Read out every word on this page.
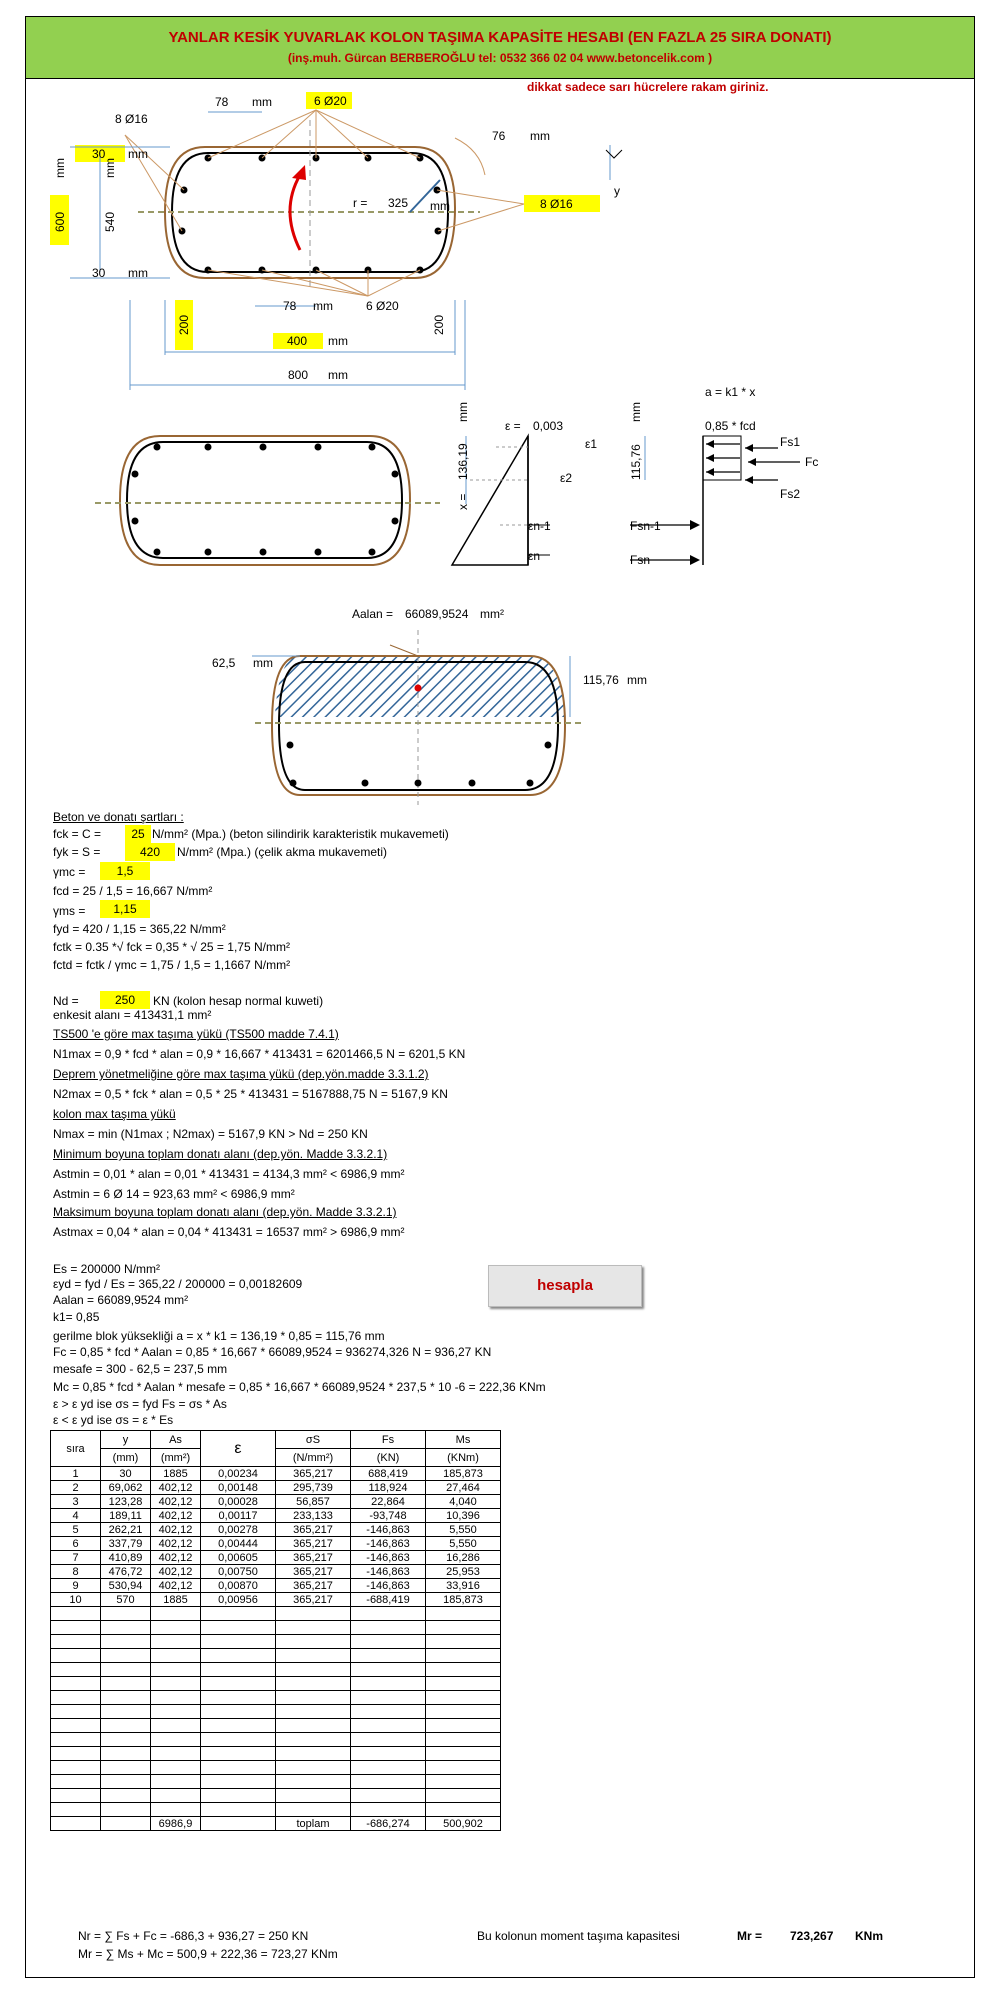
YANLAR KESİK YUVARLAK KOLON TAŞIMA KAPASİTE HESABI (EN FAZLA 25 SIRA DONATI)
(inş.muh. Gürcan BERBEROĞLU tel: 0532 366 02 04 www.betoncelik.com )
dikkat sadece sarı hücrelere rakam giriniz.
78 mm	6 Ø20
8 Ø16
30 mm
76 mm
y
r = 325 mm	8 Ø16
30 mm
78 mm	6 Ø20
400 mm
800 mm
600
mm
540
mm
200	200
ε = 0,003
a = k1 * x
0,85 * fcd
ε1
ε2
εn-1
εn
Fs1
Fc
Fs2
Fsn-1
Fsn
136,19
x =
mm
115,76
mm
Aalan = 66089,9524 mm²
62,5 mm
115,76 mm
Beton ve donatı şartları :
fck = C =	25 N/mm² (Mpa.) (beton silindirik karakteristik mukavemeti)
fyk = S =	420	N/mm² (Mpa.) (çelik akma mukavemeti)
γmc =	1,5
fcd = 25 / 1,5 = 16,667 N/mm²
γms =	1,15
fyd = 420 / 1,15 = 365,22 N/mm²
fctk = 0.35 *√ fck = 0,35 * √ 25 = 1,75 N/mm²
fctd = fctk / γmc = 1,75 / 1,5 = 1,1667 N/mm²
Nd =	250	KN (kolon hesap normal kuweti)
enkesit alanı = 413431,1 mm²
TS500 'e göre max taşıma yükü (TS500 madde 7.4.1)
N1max = 0,9 * fcd * alan = 0,9 * 16,667 * 413431 = 6201466,5 N = 6201,5 KN
Deprem yönetmeliğine göre max taşıma yükü (dep.yön.madde 3.3.1.2)
N2max = 0,5 * fck * alan = 0,5 * 25 * 413431 = 5167888,75 N = 5167,9 KN
kolon max taşıma yükü
Nmax = min (N1max ; N2max) = 5167,9 KN > Nd = 250 KN
Minimum boyuna toplam donatı alanı (dep.yön. Madde 3.3.2.1)
Astmin = 0,01 * alan = 0,01 * 413431 = 4134,3 mm² < 6986,9 mm²
Astmin = 6 Ø 14 = 923,63 mm² < 6986,9 mm²
Maksimum boyuna toplam donatı alanı (dep.yön. Madde 3.3.2.1)
Astmax = 0,04 * alan = 0,04 * 413431 = 16537 mm² > 6986,9 mm²
Es = 200000 N/mm²
εyd = fyd / Es = 365,22 / 200000 = 0,00182609
Aalan = 66089,9524 mm²
k1= 0,85
gerilme blok yüksekliği a = x * k1 = 136,19 * 0,85 = 115,76 mm
Fc = 0,85 * fcd * Aalan = 0,85 * 16,667 * 66089,9524 = 936274,326 N = 936,27 KN
mesafe = 300 - 62,5 = 237,5 mm
Mc = 0,85 * fcd * Aalan * mesafe = 0,85 * 16,667 * 66089,9524 * 237,5 * 10 -6 = 222,36 KNm
ε > ε yd ise σs = fyd Fs = σs * As
ε < ε yd ise σs = ε * Es
hesapla
sıra	y	As	ε	σS	Fs	Ms
	(mm)	(mm²)		(N/mm²)	(KN)	(KNm)
1	30	1885	0,00234	365,217	688,419	185,873
2	69,062	402,12	0,00148	295,739	118,924	27,464
3	123,28	402,12	0,00028	56,857	22,864	4,040
4	189,11	402,12	0,00117	233,133	-93,748	10,396
5	262,21	402,12	0,00278	365,217	-146,863	5,550
6	337,79	402,12	0,00444	365,217	-146,863	5,550
7	410,89	402,12	0,00605	365,217	-146,863	16,286
8	476,72	402,12	0,00750	365,217	-146,863	25,953
9	530,94	402,12	0,00870	365,217	-146,863	33,916
10	570	1885	0,00956	365,217	-688,419	185,873

		6986,9		toplam	-686,274	500,902
Nr = ∑ Fs + Fc = -686,3 + 936,27 = 250 KN
Mr = ∑ Ms + Mc = 500,9 + 222,36 = 723,27 KNm
Bu kolonun moment taşıma kapasitesi	Mr = 723,267 KNm
